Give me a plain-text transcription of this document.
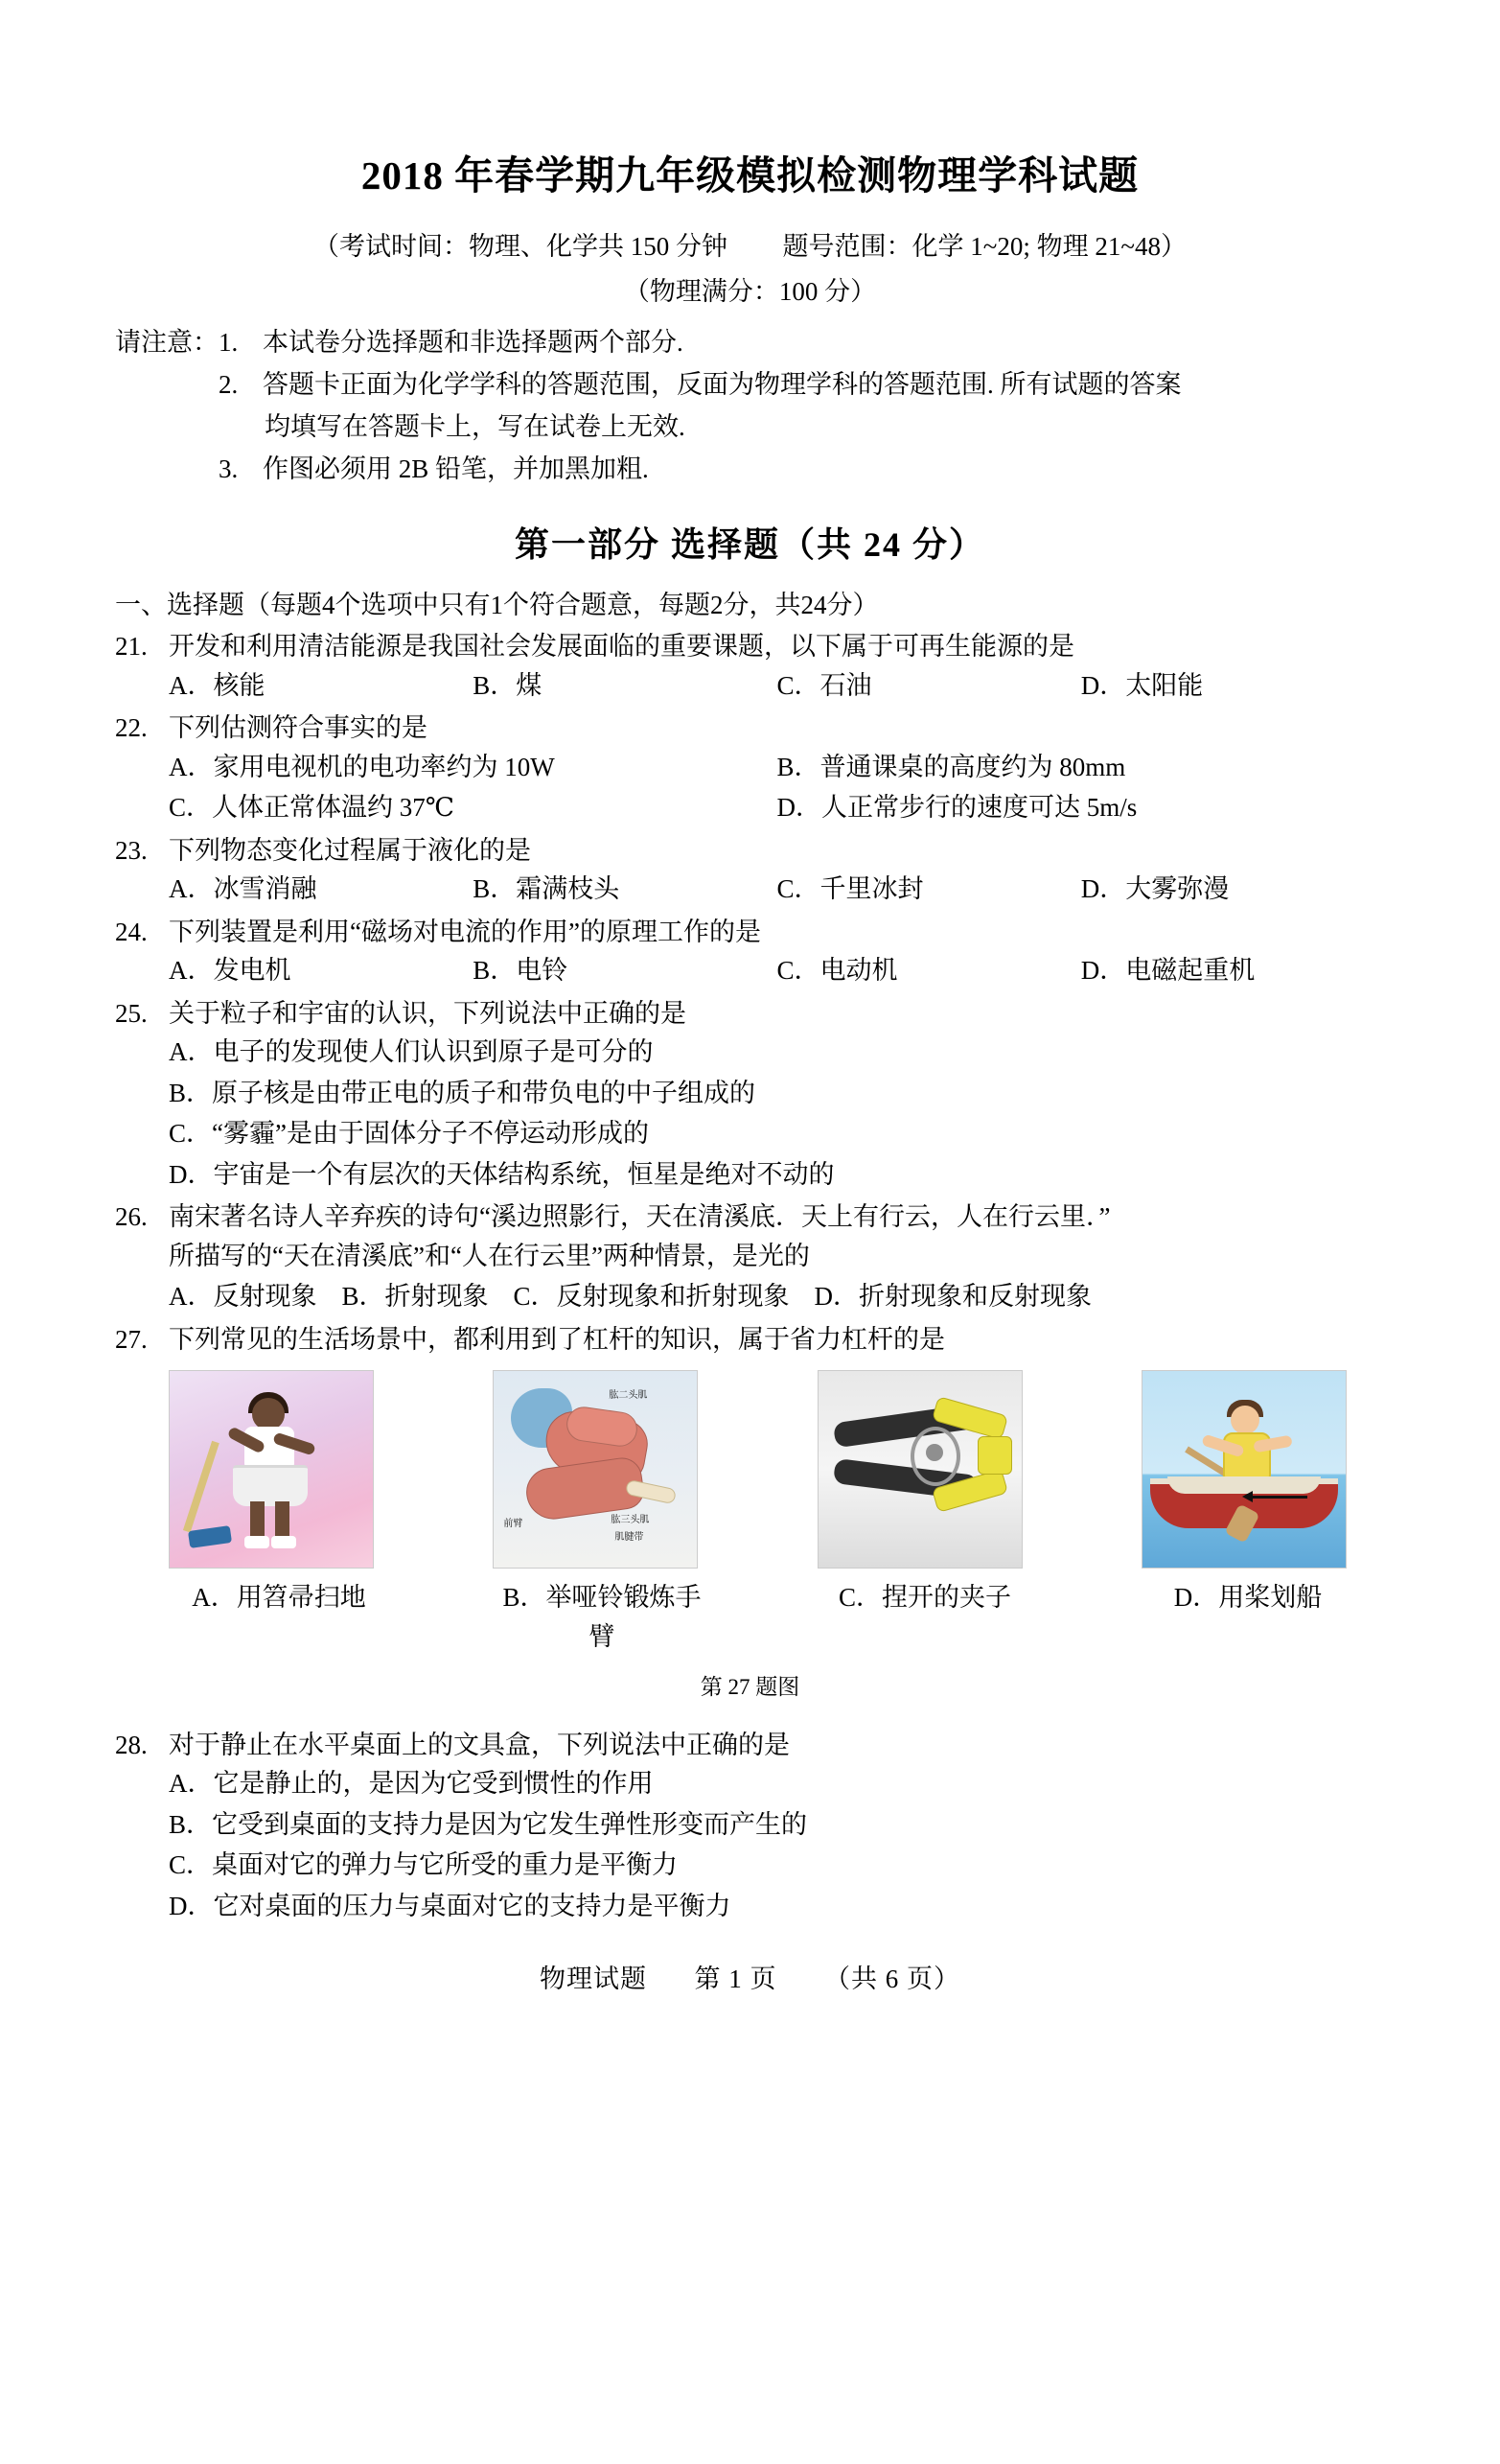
2018 年春学期九年级模拟检测物理学科试题
（考试时间：物理、化学共 150 分钟 题号范围：化学 1~20; 物理 21~48）
（物理满分：100 分）
请注意： 1. 本试卷分选择题和非选择题两个部分.
2. 答题卡正面为化学学科的答题范围，反面为物理学科的答题范围. 所有试题的答案
均填写在答题卡上，写在试卷上无效.
3. 作图必须用 2B 铅笔，并加黑加粗.
第一部分 选择题（共 24 分）
一、选择题（每题4个选项中只有1个符合题意，每题2分，共24分）
21. 开发和利用清洁能源是我国社会发展面临的重要课题，以下属于可再生能源的是
A．核能	B．煤	C．石油	D．太阳能
22. 下列估测符合事实的是
A．家用电视机的电功率约为 10W	B．普通课桌的高度约为 80mm
C．人体正常体温约 37℃	D．人正常步行的速度可达 5m/s
23. 下列物态变化过程属于液化的是
A．冰雪消融	B．霜满枝头	C．千里冰封	D．大雾弥漫
24. 下列装置是利用“磁场对电流的作用”的原理工作的是
A．发电机	B．电铃	C．电动机	D．电磁起重机
25. 关于粒子和宇宙的认识，下列说法中正确的是
A．电子的发现使人们认识到原子是可分的
B．原子核是由带正电的质子和带负电的中子组成的
C．“雾霾”是由于固体分子不停运动形成的
D．宇宙是一个有层次的天体结构系统，恒星是绝对不动的
26. 南宋著名诗人辛弃疾的诗句“溪边照影行，天在清溪底．天上有行云，人在行云里．”
所描写的“天在清溪底”和“人在行云里”两种情景，是光的
A．反射现象 B．折射现象 C．反射现象和折射现象 D．折射现象和反射现象
27. 下列常见的生活场景中，都利用到了杠杆的知识，属于省力杠杆的是
肱二头肌
肱三头肌
前臂
肌腱带
A．用笤帚扫地	B．举哑铃锻炼手臂
C．捏开的夹子	D．用桨划船
第 27 题图
28. 对于静止在水平桌面上的文具盒，下列说法中正确的是
A．它是静止的，是因为它受到惯性的作用
B．它受到桌面的支持力是因为它发生弹性形变而产生的
C．桌面对它的弹力与它所受的重力是平衡力
D．它对桌面的压力与桌面对它的支持力是平衡力
物理试题 第 1 页 （共 6 页）
